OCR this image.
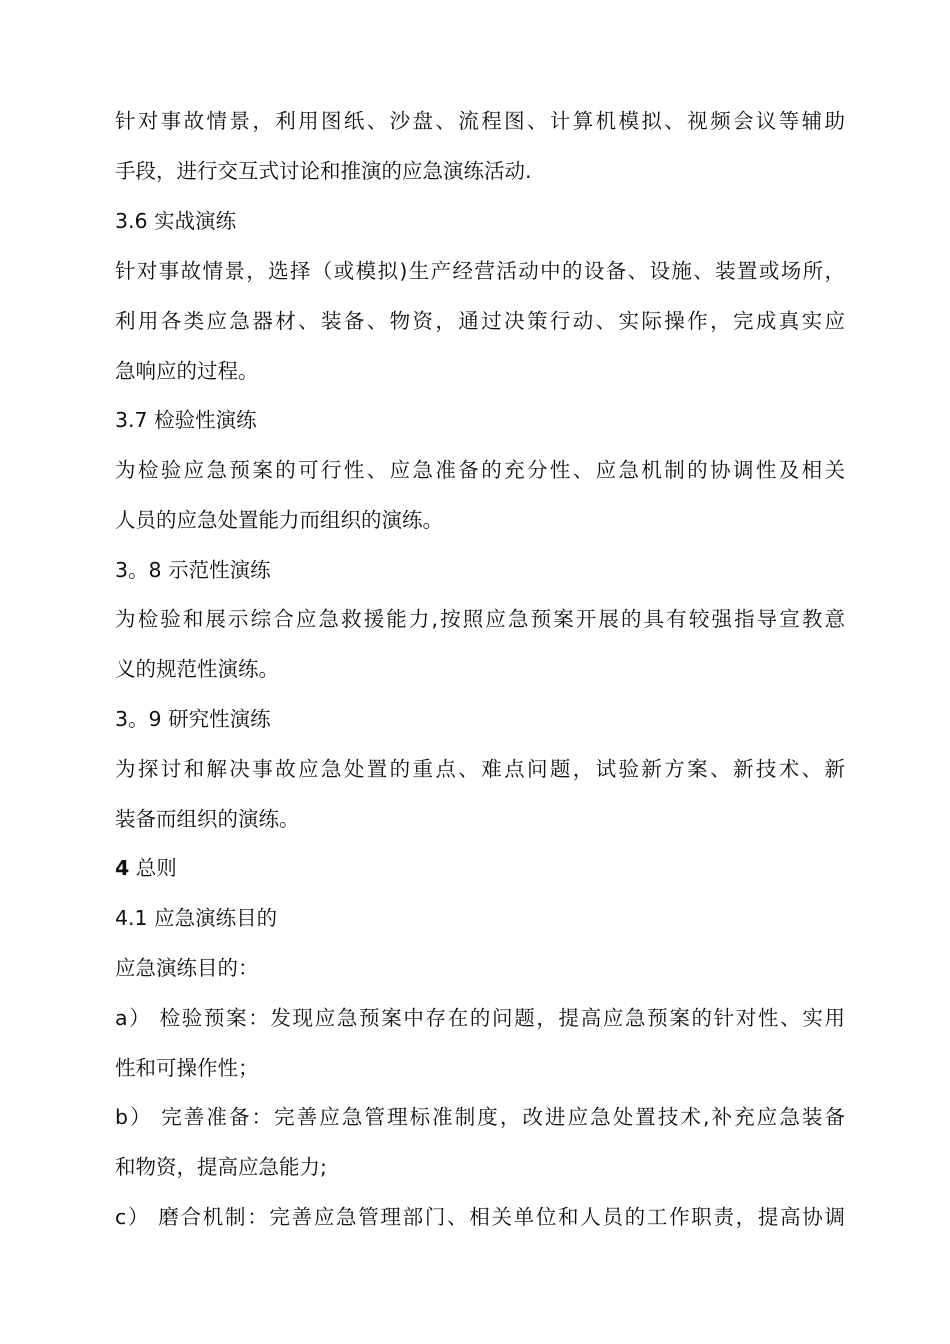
针对事故情景，利用图纸、沙盘、流程图、计算机模拟、视频会议等辅助
手段，进行交互式讨论和推演的应急演练活动.
3.6 实战演练
针对事故情景，选择（或模拟)生产经营活动中的设备、设施、装置或场所，
利用各类应急器材、装备、物资，通过决策行动、实际操作，完成真实应
急响应的过程。
3.7 检验性演练
为检验应急预案的可行性、应急准备的充分性、应急机制的协调性及相关
人员的应急处置能力而组织的演练。
3。8 示范性演练
为检验和展示综合应急救援能力,按照应急预案开展的具有较强指导宣教意
义的规范性演练。
3。9 研究性演练
为探讨和解决事故应急处置的重点、难点问题，试验新方案、新技术、新
装备而组织的演练。
4 总则
4.1 应急演练目的
应急演练目的：
a） 检验预案：发现应急预案中存在的问题，提高应急预案的针对性、实用
性和可操作性；
b） 完善准备：完善应急管理标准制度，改进应急处置技术,补充应急装备
和物资，提高应急能力;
c） 磨合机制：完善应急管理部门、相关单位和人员的工作职责，提高协调
